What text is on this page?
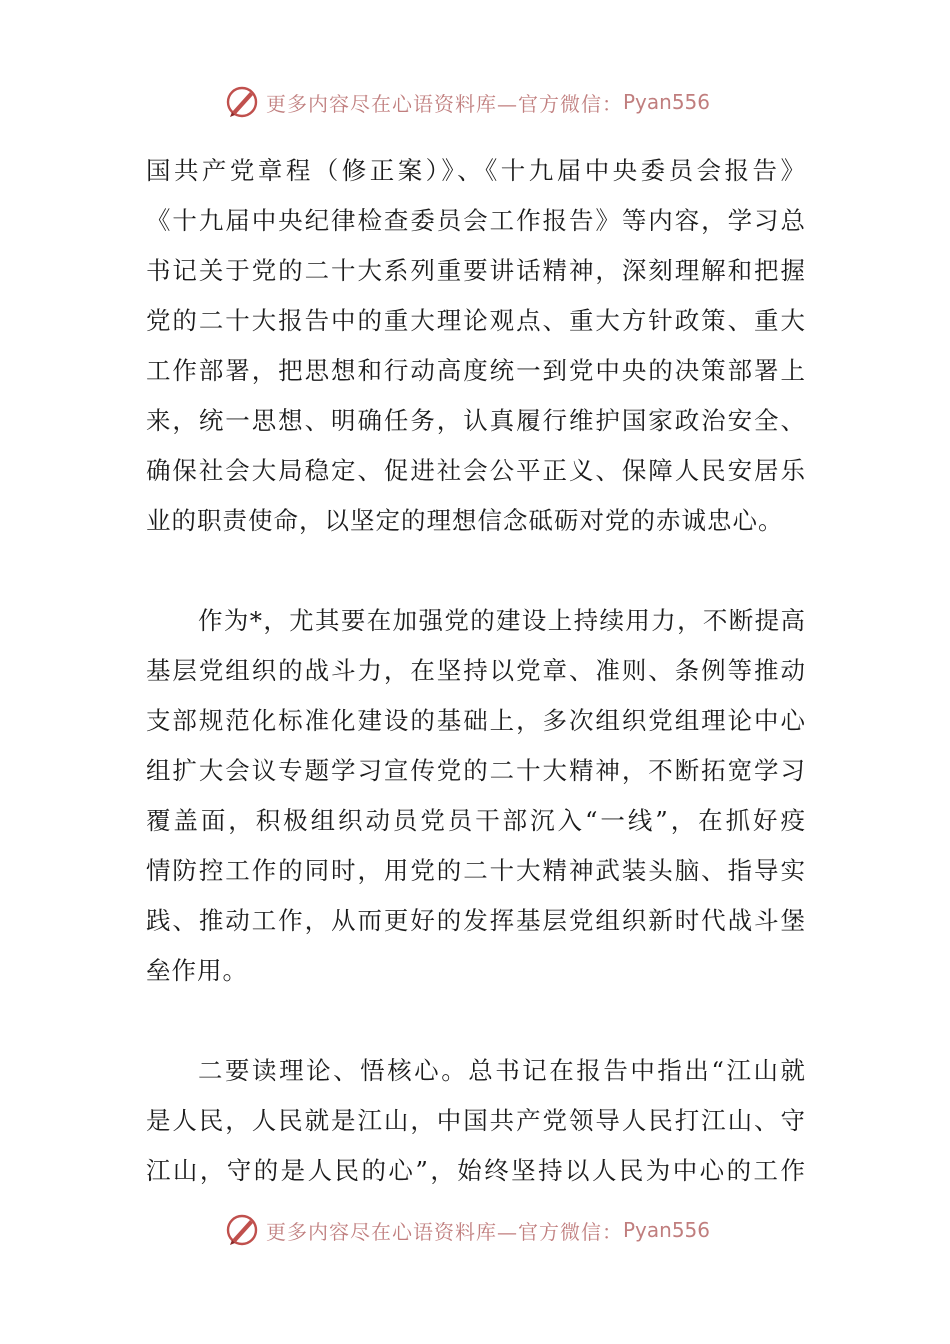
更多内容尽在心语资料库—官方微信： Pyan556
国共产党章程（修正案）》、《十九届中央委员会报告》
《十九届中央纪律检查委员会工作报告》等内容，学习总
书记关于党的二十大系列重要讲话精神，深刻理解和把握
党的二十大报告中的重大理论观点、重大方针政策、重大
工作部署，把思想和行动高度统一到党中央的决策部署上
来，统一思想、明确任务，认真履行维护国家政治安全、
确保社会大局稳定、促进社会公平正义、保障人民安居乐
业的职责使命，以坚定的理想信念砥砺对党的赤诚忠心。
作为*，尤其要在加强党的建设上持续用力，不断提高
基层党组织的战斗力，在坚持以党章、准则、条例等推动
支部规范化标准化建设的基础上，多次组织党组理论中心
组扩大会议专题学习宣传党的二十大精神，不断拓宽学习
覆盖面，积极组织动员党员干部沉入“一线”，在抓好疫
情防控工作的同时，用党的二十大精神武装头脑、指导实
践、推动工作，从而更好的发挥基层党组织新时代战斗堡
垒作用。
二要读理论、悟核心。总书记在报告中指出“江山就
是人民，人民就是江山，中国共产党领导人民打江山、守
江山，守的是人民的心”，始终坚持以人民为中心的工作
更多内容尽在心语资料库—官方微信： Pyan556
